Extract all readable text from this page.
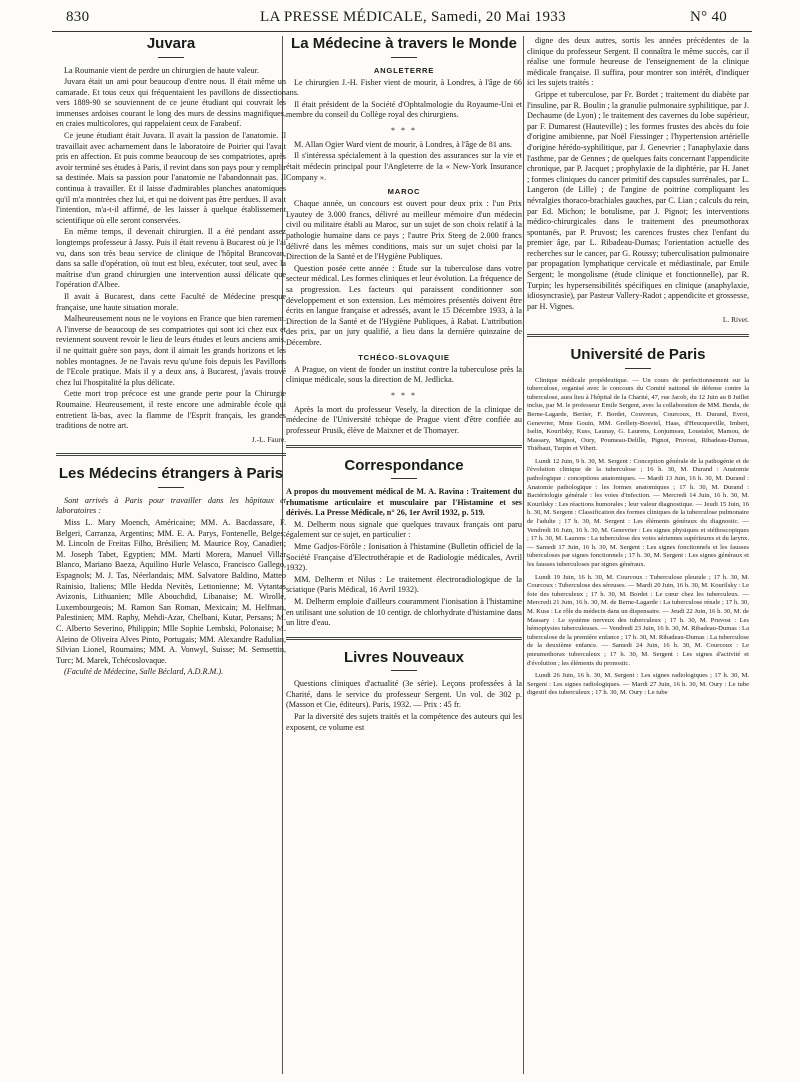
830	LA PRESSE MÉDICALE, Samedi, 20 Mai 1933	N° 40
Juvara

La Roumanie vient de perdre un chirurgien de haute valeur.

Juvara était un ami pour beaucoup d'entre nous. Il était même un camarade. Et tous ceux qui fréquentaient les pavillons de dissection vers 1889-90 se souviennent de ce jeune étudiant qui couvrait les immenses ardoises courant le long des murs de dessins magnifiques, en craies multicolores, qui rappelaient ceux de Farabeuf.

Ce jeune étudiant était Juvara. Il avait la passion de l'anatomie. Il travaillait avec acharnement dans le laboratoire de Poirier qui l'avait pris en affection. Et puis comme beaucoup de ses compatriotes, après avoir terminé ses études à Paris, il revint dans son pays pour y remplir sa destinée. Mais sa passion pour l'anatomie ne l'abandonnait pas. Il continua à travailler. Et il laisse d'admirables planches anatomiques qu'il m'a montrées chez lui, et qui ne doivent pas être perdues. Il avait l'intention, m'a-t-il affirmé, de les laisser à quelque établissement scientifique où elle seront conservées.

En même temps, il devenait chirurgien. Il a été pendant assez longtemps professeur à Jassy. Puis il était revenu à Bucarest où je l'ai vu, dans son très beau service de clinique de l'hôpital Brancovan, dans sa salle d'opération, où tout est bleu, exécuter, tout seul, avec la maîtrise d'un grand chirurgien une intervention aussi délicate que l'opération d'Albee.

Il avait à Bucarest, dans cette Faculté de Médecine presque française, une haute situation morale.

Malheureusement nous ne le voyions en France que bien rarement. A l'inverse de beaucoup de ses compatriotes qui sont ici chez eux et reviennent souvent revoir le lieu de leurs études et leurs anciens amis, il ne quittait guère son pays, dont il aimait les grands horizons et les nobles montagnes. Je ne l'avais revu qu'une fois depuis les Pavillons de l'Ecole pratique. Mais il y a deux ans, à Bucarest, j'avais trouvé chez lui l'hospitalité la plus délicate.

Cette mort trop précoce est une grande perte pour la Chirurgie Roumaine. Heureusement, il reste encore une admirable école qui entretient là-bas, avec la flamme de l'Esprit français, les grandes traditions de notre art.

J.-L. Faure.

Les Médecins étrangers à Paris

Sont arrivés à Paris pour travailler dans les hôpitaux et laboratoires :

Miss L. Mary Moench, Américaine; MM. A. Bacdassare, F. Belgeri, Carranza, Argentins; MM. E. A. Parys, Fontenelle, Belges; M. Lincoln de Freitas Filho, Brésilien; M. Maurice Roy, Canadien; M. Joseph Tabet, Egyptien; MM. Marti Morera, Manuel Villar Blanco, Mariano Baeza, Aquilino Hurle Velasco, Francisco Gallego, Espagnols; M. J. Tas, Néerlandais; MM. Salvatore Baldino, Matteo Rainisio, Italiens; Mlle Hedda Nevitès, Lettonienne; M. Vytantas Avizonis, Lithuanien; Mlle Abouchdid, Libanaise; M. Wirolle, Luxembourgeois; M. Ramon San Roman, Mexicain; M. Helfman, Palestinien; MM. Raphy, Mehdi-Azar, Chelbani, Kutar, Persans; M. C. Alberto Severino, Philippin; Mlle Sophie Lembski, Polonaise; M. Aleino de Oliveira Alves Pinto, Portugais; MM. Alexandre Radulian, Silvian Lionel, Roumains; MM. A. Vonwyl, Suisse; M. Semsettin, Turc; M. Marek, Tchécoslovaque.

(Faculté de Médecine, Salle Béclard, A.D.R.M.).

La Médecine à travers le Monde
ANGLETERRE

Le chirurgien J.-H. Fisher vient de mourir, à Londres, à l'âge de 66 ans.

Il était président de la Société d'Ophtalmologie du Royaume-Uni et membre du conseil du Collège royal des chirurgiens.

* * *

M. Allan Ogier Ward vient de mourir, à Londres, à l'âge de 81 ans.

Il s'intéressa spécialement à la question des assurances sur la vie et était médecin principal pour l'Angleterre de la « New-York Insurance Company ».

MAROC

Chaque année, un concours est ouvert pour deux prix : l'un Prix Lyautey de 3.000 francs, délivré au meilleur mémoire d'un médecin civil ou militaire établi au Maroc, sur un sujet de son choix relatif à la pathologie humaine dans ce pays ; l'autre Prix Steeg de 2.000 francs délivré dans les mêmes conditions, mais sur un sujet choisi par la Direction de la Santé et de l'Hygiène Publiques.

Question posée cette année : Étude sur la tuberculose dans votre secteur médical. Les formes cliniques et leur évolution. La fréquence de sa progression. Les facteurs qui paraissent conditionner son développement et son extension. Les mémoires présentés doivent être écrits en langue française et adressés, avant le 15 Décembre 1933, à la Direction de la Santé et de l'Hygiène Publiques, à Rabat. L'attribution des prix, par un jury qualifié, a lieu dans la dernière quinzaine de Décembre.

TCHÉCO-SLOVAQUIE

A Prague, on vient de fonder un institut contre la tuberculose près la clinique médicale, sous la direction de M. Jedlicka.

* * *

Après la mort du professeur Vesely, la direction de la clinique de médecine de l'Université tchèque de Prague vient d'être confiée au professeur Prusik, élève de Maixner et de Thomayer.

Correspondance

A propos du mouvement médical de M. A. Ravina : Traitement du rhumatisme articulaire et musculaire par l'Histamine et ses dérivés. La Presse Médicale, n° 26, 1er Avril 1932, p. 519.

M. Delherm nous signale que quelques travaux français ont paru également sur ce sujet, en particulier :

Mme Gadjos-Förôle : Ionisation à l'histamine (Bulletin officiel de la Société Française d'Electrothérapie et de Radiologie médicales, Avril 1932).

MM. Delherm et Nilus : Le traitement électroradiologique de la sciatique (Paris Médical, 16 Avril 1932).

M. Delherm emploie d'ailleurs couramment l'ionisation à l'histamine en utilisant une solution de 10 centigr. de chlorhydrate d'histamine dans un litre d'eau.

Livres Nouveaux

Questions cliniques d'actualité (3e série). Leçons professées à la Charité, dans le service du professeur Sergent. Un vol. de 302 p. (Masson et Cie, éditeurs). Paris, 1932. — Prix : 45 fr.

Par la diversité des sujets traités et la compétence des auteurs qui les exposent, ce volume est

digne des deux autres, sortis les années précédentes de la clinique du professeur Sergent. Il connaîtra le même succès, car il réalise une formule heureuse de l'enseignement de la clinique médicale française. Il suffira, pour montrer son intérêt, d'indiquer ici les sujets traités :

Grippe et tuberculose, par Fr. Bordet ; traitement du diabète par l'insuline, par R. Boulin ; la granulie pulmonaire syphilitique, par J. Dechaume (de Lyon) ; le traitement des cavernes du lobe supérieur, par F. Dumarest (Hauteville) ; les formes frustes des abcès du foie d'origine amibienne, par Noël Fiessinger ; l'hypertension artérielle d'origine hérédo-syphilitique, par J. Genevrier ; l'anaphylaxie dans l'asthme, par de Gennes ; de quelques faits concernant l'appendicite chronique, par P. Jacquet ; prophylaxie de la diphtérie, par H. Janet ; formes cliniques du cancer primitif des capsules surrénales, par L. Langeron (de Lille) ; de l'angine de poitrine compliquant les névralgies thoraco-brachiales gauches, par C. Lian ; calculs du rein, par Ed. Michon; le botulisme, par J. Pignot; les interventions médico-chirurgicales dans le traitement des pneumothorax spontanés, par P. Pruvost; les carences frustes chez l'enfant du premier âge, par L. Ribadeau-Dumas; l'orientation actuelle des recherches sur le cancer, par G. Roussy; tuberculisation pulmonaire par propagation lymphatique cervicale et médiastinale, par Emile Sergent; le mongolisme (étude clinique et fonctionnelle), par R. Turpin; les hypersensibilités spécifiques en clinique (anaphylaxie, idiosyncrasie), par Pasteur Vallery-Radot ; appendicite et grossesse, par H. Vignes.

L. Rivet.

Université de Paris

Clinique médicale propédeutique. — Un cours de perfectionnement sur la tuberculose, organisé avec le concours du Comité national de défense contre la tuberculose, aura lieu à l'hôpital de la Charité, 47, rue Jacob, du 12 Juin au 8 Juillet inclus, par M. le professeur Emile Sergent, avec la collaboration de MM. Benda, de Berne-Lagarde, Bertier, F. Bordet, Couvreux, Courcoux, H. Durand, Evrot, Genevrier, Mme Gouin, MM. Grellety-Bosviel, Haas, d'Heucqueville, Imbert, Iselin, Kourilsky, Kuss, Launay, G. Laurens, Lonjumeau, Loustalot, Mamou, de Massary, Mignot, Oury, Poumeau-Delille, Pignot, Pruvost, Ribadeau-Dumas, Thiébaut, Turpin et Vibert.

Lundi 12 Juin, 9 h. 30, M. Sergent : Conception générale de la pathogénie et de l'évolution clinique de la tuberculose ; 16 h. 30, M. Durand : Anatomie pathologique : conceptions anatomiques. — Mardi 13 Juin, 16 h. 30, M. Durand : Anatomie pathologique : les formes anatomiques ; 17 h. 30, M. Durand : Bactériologie générale : les voies d'infection. — Mercredi 14 Juin, 16 h. 30, M. Kourilsky : Les réactions humorales ; leur valeur diagnostique. — Jeudi 15 Juin, 16 h. 30, M. Sergent : Classification des formes cliniques de la tuberculose pulmonaire de l'adulte ; 17 h. 30, M. Sergent : Les éléments généraux du diagnostic. — Vendredi 16 Juin, 16 h. 30, M. Genevrier : Les signes physiques et stéthoscopiques ; 17 h. 30, M. Laurens : La tuberculose des voies aériennes supérieures et du larynx. — Samedi 17 Juin, 16 h. 30, M. Sergent : Les signes fonctionnels et les fausses tuberculoses par signes fonctionnels ; 17 h. 30, M. Sergent : Les signes généraux et les fausses tuberculoses par signes généraux.

Lundi 19 Juin, 16 h. 30, M. Courcoux : Tuberculose pleurale ; 17 h. 30, M. Courcoux : Tuberculose des séreuses. — Mardi 20 Juin, 16 h. 30, M. Kourilsky : Le foie des tuberculeux ; 17 h. 30, M. Bordet : Le cœur chez les tuberculeux. — Mercredi 21 Juin, 16 h. 30, M. de Berne-Lagarde : La tuberculose rénale ; 17 h. 30, M. Kuss : Le rôle du médecin dans un dispensaire. — Jeudi 22 Juin, 16 h. 30, M. de Massary : Le système nerveux des tuberculeux ; 17 h. 30, M. Pruvost : Les hémoptysies tuberculeuses. — Vendredi 23 Juin, 16 h. 30, M. Ribadeau-Dumas : La tuberculose de la première enfance ; 17 h. 30, M. Ribadeau-Dumas : La tuberculose de la deuxième enfance. — Samedi 24 Juin, 16 h. 30, M. Courcoux : Le pneumothorax tuberculeux ; 17 h. 30, M. Sergent : Les signes d'activité et d'évolution ; les éléments du pronostic.

Lundi 26 Juin, 16 h. 30, M. Sergent : Les signes radiologiques ; 17 h. 30, M. Sergent : Les signes radiologiques. — Mardi 27 Juin, 16 h. 30, M. Oury : Le tube digestif des tuberculeux ; 17 h. 30, M. Oury : Le tube
